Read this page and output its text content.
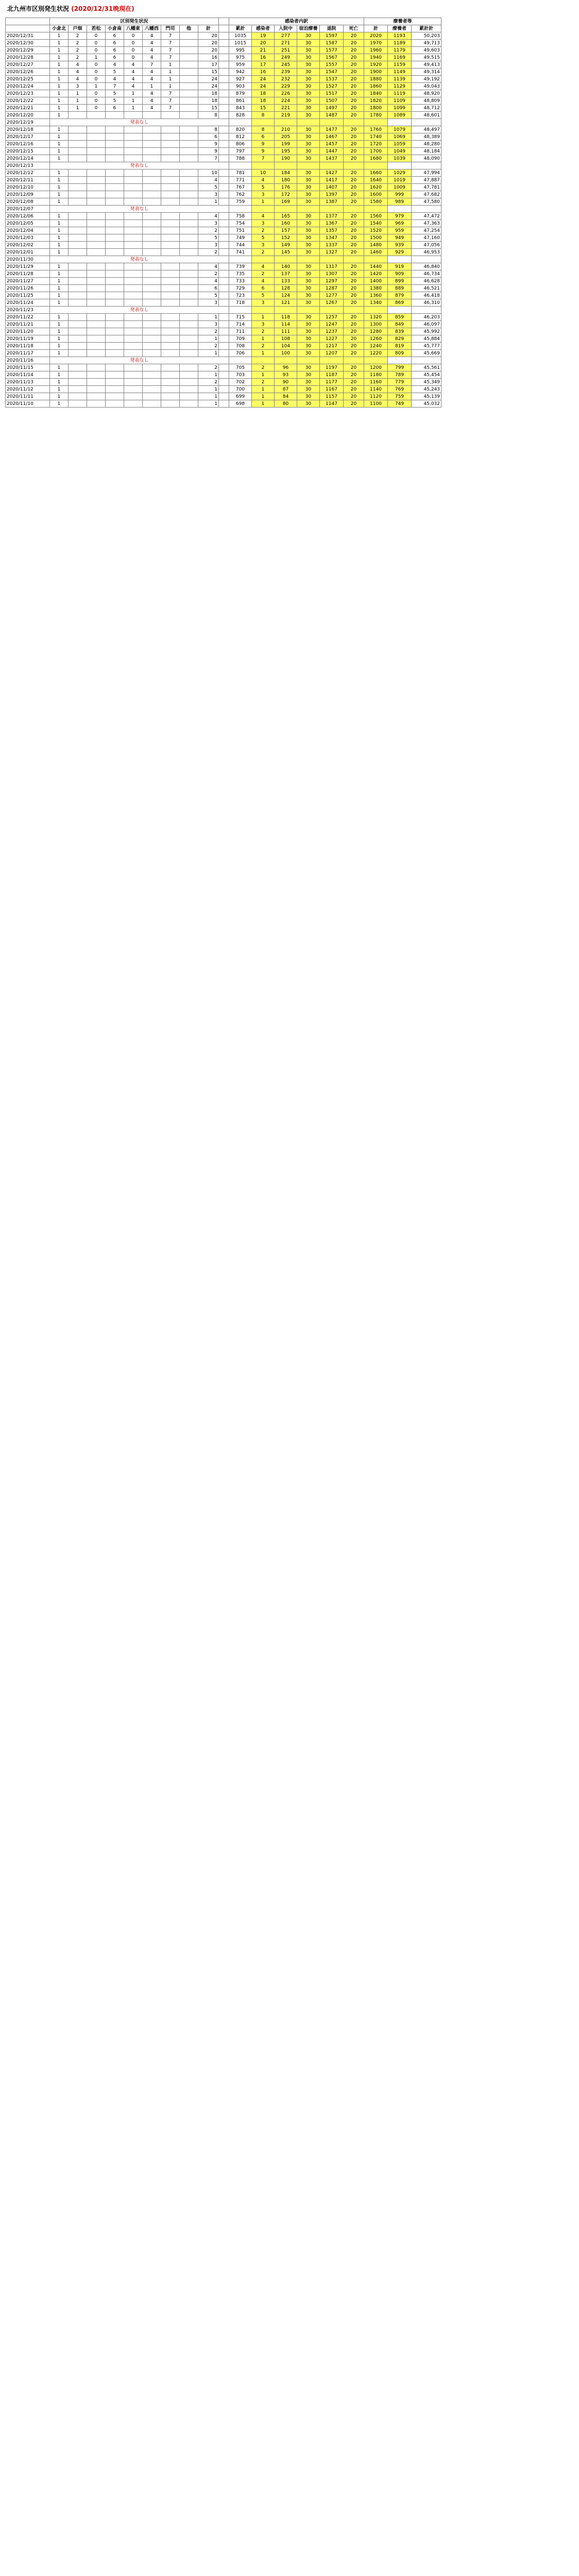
北九州市区別発生状況 (2020/12/31晩現在)
	区別発生状況										感染者内訳						療養者等		
	小倉北	戸畑	若松	小倉南	八幡東	八幡西	門司	他	計		累計	感染者	入院中	宿泊療養	退院	死亡	計	療養者	累計計
2020/12/31	1	2	0	6	0	4	7		20		1035	19	277	30	1597	20	2020	1193	50,203
2020/12/30	1	2	0	6	0	4	7		20		1015	20	271	30	1587	20	1970	1189	49,713
2020/12/29	1	2	0	6	0	4	7		20		995	21	251	30	1577	20	1960	1179	49,603
2020/12/28	1	2	1	6	0	4	7		16		975	16	249	30	1567	20	1940	1169	49,515
2020/12/27	1	4	0	4	4	7	1		17		959	17	245	30	1557	20	1920	1159	49,413
2020/12/26	1	4	0	5	4	4	1		15		942	16	239	30	1547	20	1900	1149	49,314
2020/12/25	1	4	0	4	4	4	1		24		927	24	232	30	1537	20	1880	1139	49,192
2020/12/24	1	3	1	7	4	1	1		24		903	24	229	30	1527	20	1860	1129	49,043
2020/12/23	1	1	0	5	1	4	7		18		879	18	226	30	1517	20	1840	1119	48,920
2020/12/22	1	1	0	5	1	4	7		18		861	18	224	30	1507	20	1820	1109	48,809
2020/12/21	1	1	0	6	1	4	7		15		843	15	221	30	1497	20	1800	1099	48,712
2020/12/20	1								8		828	8	219	30	1487	20	1780	1089	48,601
2020/12/19	発表なし																		
2020/12/18	1								8		820	8	210	30	1477	20	1760	1079	48,497
2020/12/17	1								6		812	6	205	30	1467	20	1740	1069	48,389
2020/12/16	1								9		806	9	199	30	1457	20	1720	1059	48,280
2020/12/15	1								9		797	9	195	30	1447	20	1700	1049	48,184
2020/12/14	1								7		788	7	190	30	1437	20	1680	1039	48,090
2020/12/13	発表なし																		
2020/12/12	1								10		781	10	184	30	1427	20	1660	1029	47,994
2020/12/11	1								4		771	4	180	30	1417	20	1640	1019	47,887
2020/12/10	1								5		767	5	176	30	1407	20	1620	1009	47,781
2020/12/09	1								3		762	3	172	30	1397	20	1600	999	47,682
2020/12/08	1								1		759	1	169	30	1387	20	1580	989	47,580
2020/12/07	発表なし																		
2020/12/06	1								4		758	4	165	30	1377	20	1560	979	47,472
2020/12/05	1								3		754	3	160	30	1367	20	1540	969	47,363
2020/12/04	1								2		751	2	157	30	1357	20	1520	959	47,254
2020/12/03	1								5		749	5	152	30	1347	20	1500	949	47,160
2020/12/02	1								3		744	3	149	30	1337	20	1480	939	47,056
2020/12/01	1								2		741	2	145	30	1327	20	1460	929	46,953
2020/11/30	発表なし																		
2020/11/29	1								4		739	4	140	30	1317	20	1440	919	46,840
2020/11/28	1								2		735	2	137	30	1307	20	1420	909	46,734
2020/11/27	1								4		733	4	133	30	1297	20	1400	899	46,628
2020/11/26	1								6		729	6	128	30	1287	20	1380	889	46,521
2020/11/25	1								5		723	5	124	30	1277	20	1360	879	46,418
2020/11/24	1								3		718	3	121	30	1267	20	1340	869	46,310
2020/11/23	発表なし																		
2020/11/22	1								1		715	1	118	30	1257	20	1320	859	46,203
2020/11/21	1								3		714	3	114	30	1247	20	1300	849	46,097
2020/11/20	1								2		711	2	111	30	1237	20	1280	839	45,992
2020/11/19	1								1		709	1	108	30	1227	20	1260	829	45,884
2020/11/18	1								2		708	2	104	30	1217	20	1240	819	45,777
2020/11/17	1								1		706	1	100	30	1207	20	1220	809	45,669
2020/11/16	発表なし																		
2020/11/15	1								2		705	2	96	30	1197	20	1200	799	45,561
2020/11/14	1								1		703	1	93	30	1187	20	1180	789	45,454
2020/11/13	1								2		702	2	90	30	1177	20	1160	779	45,349
2020/11/12	1								1		700	1	87	30	1167	20	1140	769	45,243
2020/11/11	1								1		699	1	84	30	1157	20	1120	759	45,139
2020/11/10	1								1		698	1	80	30	1147	20	1100	749	45,032
